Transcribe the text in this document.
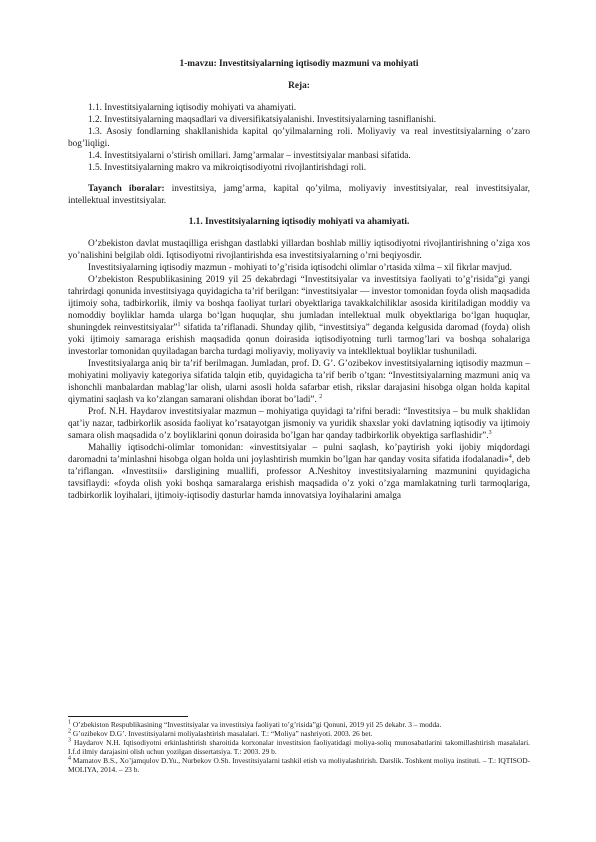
1-mavzu: Investitsiyalarning iqtisodiy mazmuni va mohiyati

Reja:

1.1. Investitsiyalarning iqtisodiy mohiyati va ahamiyati.

1.2. Investitsiyalarning maqsadlari va diversifikatsiyalanishi. Investitsiyalarning tasniflanishi.

1.3. Asosiy fondlarning shakllanishida kapital qo’yilmalarning roli. Moliyaviy va real investitsiyalarning o’zaro bog’liqligi.

1.4. Investitsiyalarni o’stirish omillari. Jamg’armalar – investitsiyalar manbasi sifatida.

1.5. Investitsiyalarning makro va mikroiqtisodiyotni rivojlantirishdagi roli.

Tayanch iboralar: investitsiya, jamg’arma, kapital qo’yilma, moliyaviy investitsiyalar, real investitsiyalar, intellektual investitsiyalar.

1.1. Investitsiyalarning iqtisodiy mohiyati va ahamiyati.

O’zbekiston davlat mustaqilliga erishgan dastlabki yillardan boshlab milliy iqtisodiyotni rivojlantirishning o’ziga xos yo’nalishini belgilab oldi. Iqtisodiyotni rivojlantirishda esa investitsiyalarning o’rni beqiyosdir.

Investitsiyalarning iqtisodiy mazmun - mohiyati to’g’risida iqtisodchi olimlar o’rtasida xilma – xil fikrlar mavjud.

O’zbekiston Respublikasining 2019 yil 25 dekabrdagi “Investitsiyalar va investitsiya faoliyati to’g’risida”gi yangi tahrirdagi qonunida investitsiyaga quyidagicha ta’rif berilgan: “investitsiyalar — investor tomonidan foyda olish maqsadida ijtimoiy soha, tadbirkorlik, ilmiy va boshqa faoliyat turlari obyektlariga tavakkalchiliklar asosida kiritiladigan moddiy va nomoddiy boyliklar hamda ularga bo‘lgan huquqlar, shu jumladan intellektual mulk obyektlariga bo‘lgan huquqlar, shuningdek reinvestitsiyalar”$^1$ sifatida ta’riflanadi. Shunday qilib, “investitsiya” deganda kelgusida daromad (foyda) olish yoki ijtimoiy samaraga erishish maqsadida qonun doirasida iqtisodiyotning turli tarmog’lari va boshqa sohalariga investorlar tomonidan quyiladagan barcha turdagi moliyaviy, moliyaviy va intekllektual boyliklar tushuniladi.

Investitsiyalarga aniq bir ta’rif berilmagan. Jumladan, prof. D. G’. G’ozibekov investitsiyalarning iqtisodiy mazmun – mohiyatini moliyaviy kategoriya sifatida talqin etib, quyidagicha ta’rif berib o’tgan: “Investitsiyalarning mazmuni aniq va ishonchli manbalardan mablag’lar olish, ularni asosli holda safarbar etish, rikslar darajasini hisobga olgan holda kapital qiymatini saqlash va ko’zlangan samarani olishdan iborat bo’ladi”. $^2$

Prof. N.H. Haydarov investitsiyalar mazmun – mohiyatiga quyidagi ta’rifni beradi: “Investitsiya – bu mulk shaklidan qat’iy nazar, tadbirkorlik asosida faoliyat ko’rsatayotgan jismoniy va yuridik shaxslar yoki davlatning iqtisodiy va ijtimoiy samara olish maqsadida o’z boyliklarini qonun doirasida bo’lgan har qanday tadbirkorlik obyektiga sarflashidir”.$^3$

Mahalliy iqtisodchi-olimlar tomonidan: «investitsiyalar – pulni saqlash, ko’paytirish yoki ijobiy miqdordagi daromadni ta’minlashni hisobga olgan holda uni joylashtirish mumkin bo’lgan har qanday vosita sifatida ifodalanadi»$^4$, deb ta’riflangan. «Investitsii» darsligining muallifi, professor A.Neshitoy investitsiyalarning mazmunini quyidagicha tavsiflaydi: «foyda olish yoki boshqa samaralarga erishish maqsadida o’z yoki o’zga mamlakatning turli tarmoqlariga, tadbirkorlik loyihalari, ijtimoiy-iqtisodiy dasturlar hamda innovatsiya loyihalarini amalga

$^1$ O’zbekiston Respublikasining “Investitsiyalar va investitsiya faoliyati to’g’risida”gi Qonuni, 2019 yil 25 dekabr. 3 – modda.

$^2$ G’ozibekov D.G’. Investitsiyalarni moliyalashtirish masalalari. T.: “Moliya” nashriyoti. 2003. 26 bet.

$^3$ Haydarov N.H. Iqtisodiyotni erkinlashtirish sharoitida korxonalar investitsion faoliyatidagi moliya-soliq munosabatlarini takomillashtirish masalalari. I.f.d ilmiy darajasini olish uchun yozilgan dissertatsiya. T.: 2003. 29 b.

$^4$ Mamatov B.S., Xo’jamqulov D.Yu., Nurbekov O.Sh. Investitsiyalarni tashkil etish va moliyalashtirish. Darslik. Toshkent moliya instituti. – T.: IQTISOD-MOLIYA, 2014. – 23 b.
